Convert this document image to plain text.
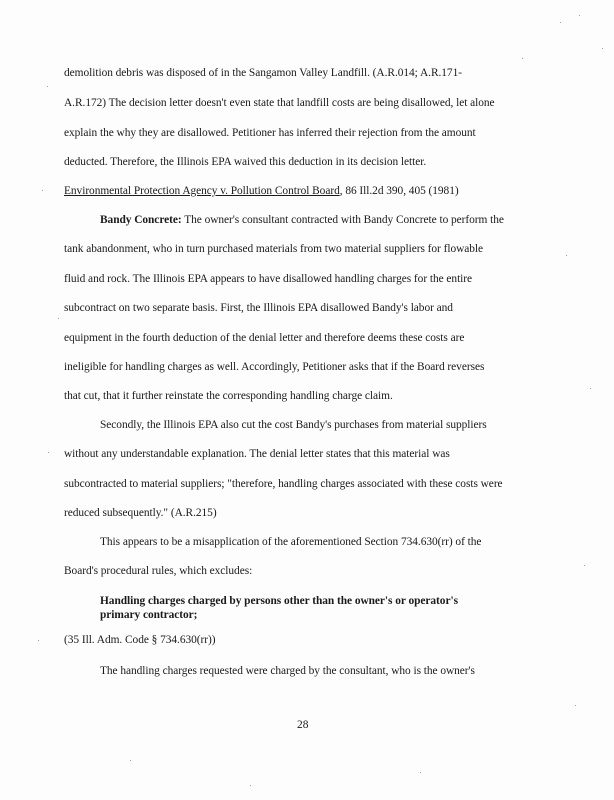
demolition debris was disposed of in the Sangamon Valley Landfill. (A.R.014; A.R.171-
A.R.172) The decision letter doesn't even state that landfill costs are being disallowed, let alone
explain the why they are disallowed. Petitioner has inferred their rejection from the amount
deducted. Therefore, the Illinois EPA waived this deduction in its decision letter.
Environmental Protection Agency v. Pollution Control Board, 86 Ill.2d 390, 405 (1981)
Bandy Concrete: The owner's consultant contracted with Bandy Concrete to perform the
tank abandonment, who in turn purchased materials from two material suppliers for flowable
fluid and rock. The Illinois EPA appears to have disallowed handling charges for the entire
subcontract on two separate basis. First, the Illinois EPA disallowed Bandy's labor and
equipment in the fourth deduction of the denial letter and therefore deems these costs are
ineligible for handling charges as well. Accordingly, Petitioner asks that if the Board reverses
that cut, that it further reinstate the corresponding handling charge claim.
Secondly, the Illinois EPA also cut the cost Bandy's purchases from material suppliers
without any understandable explanation. The denial letter states that this material was
subcontracted to material suppliers; "therefore, handling charges associated with these costs were
reduced subsequently." (A.R.215)
This appears to be a misapplication of the aforementioned Section 734.630(rr) of the
Board's procedural rules, which excludes:
Handling charges charged by persons other than the owner's or operator's
primary contractor;
(35 Ill. Adm. Code § 734.630(rr))
The handling charges requested were charged by the consultant, who is the owner's
28
